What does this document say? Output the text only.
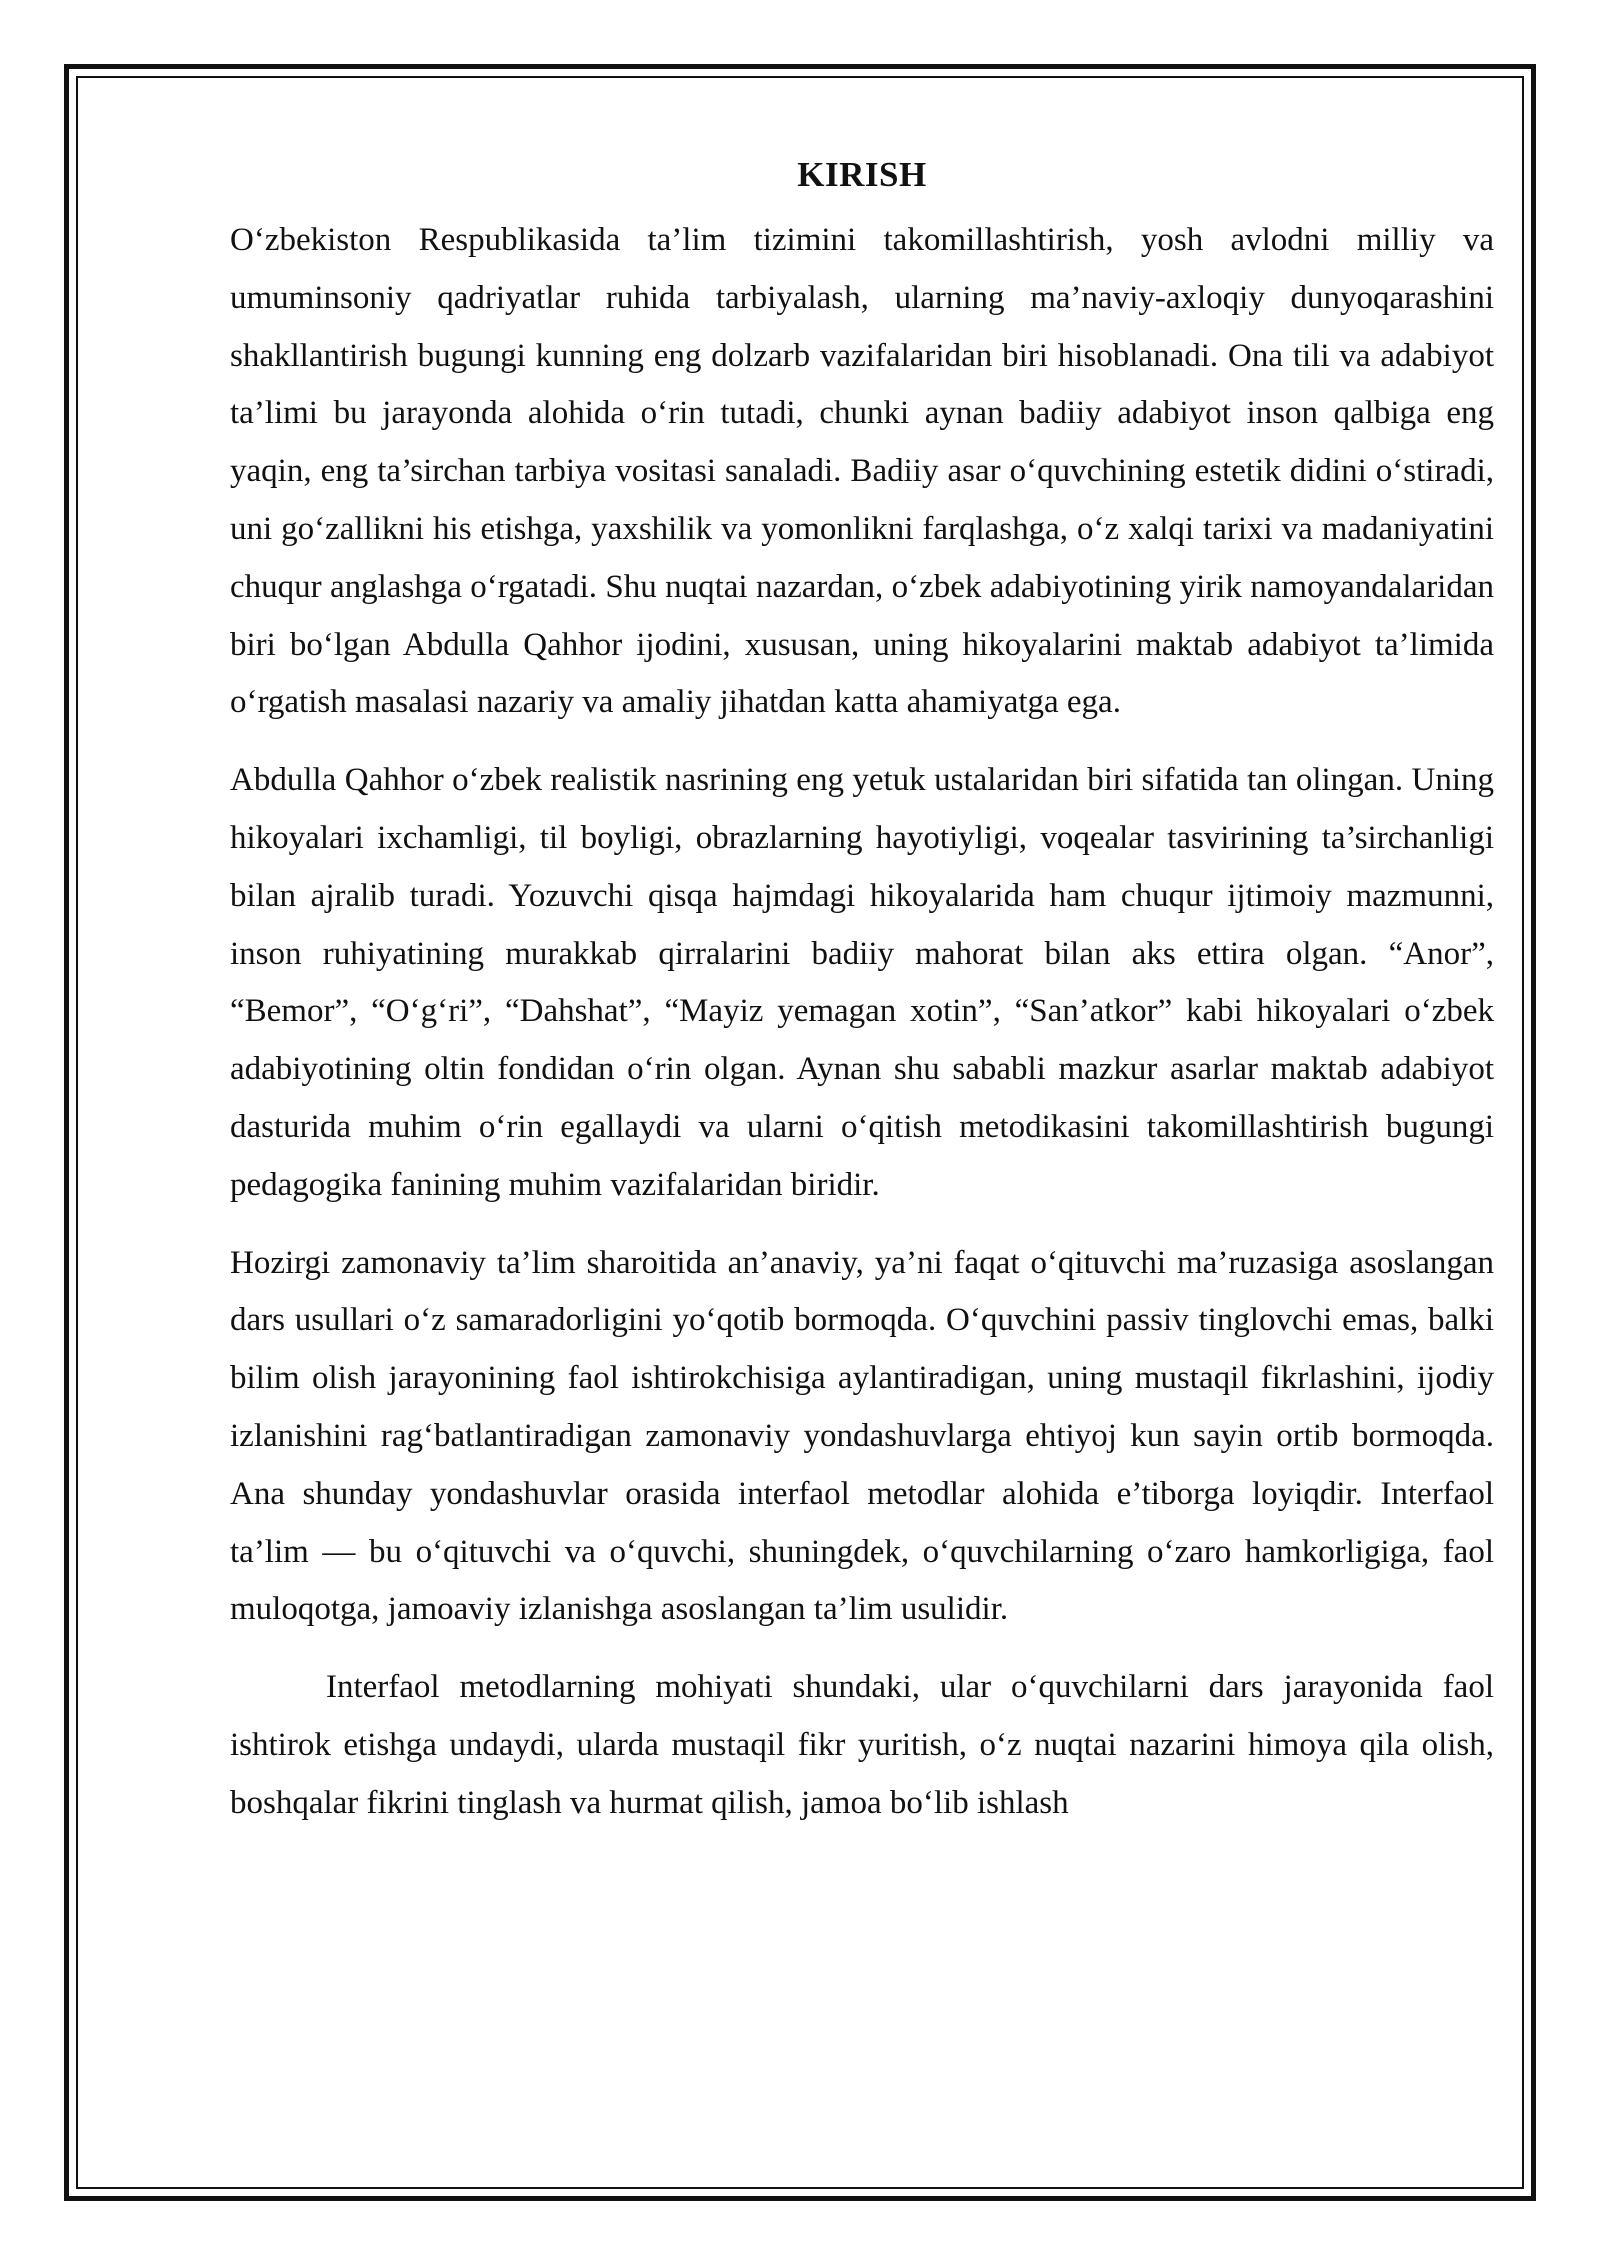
KIRISH

O‘zbekiston Respublikasida ta’lim tizimini takomillashtirish, yosh avlodni milliy va umuminsoniy qadriyatlar ruhida tarbiyalash, ularning ma’naviy-axloqiy dunyoqarashini shakllantirish bugungi kunning eng dolzarb vazifalaridan biri hisoblanadi. Ona tili va adabiyot ta’limi bu jarayonda alohida o‘rin tutadi, chunki aynan badiiy adabiyot inson qalbiga eng yaqin, eng ta’sirchan tarbiya vositasi sanaladi. Badiiy asar o‘quvchining estetik didini o‘stiradi, uni go‘zallikni his etishga, yaxshilik va yomonlikni farqlashga, o‘z xalqi tarixi va madaniyatini chuqur anglashga o‘rgatadi. Shu nuqtai nazardan, o‘zbek adabiyotining yirik namoyandalaridan biri bo‘lgan Abdulla Qahhor ijodini, xususan, uning hikoyalarini maktab adabiyot ta’limida o‘rgatish masalasi nazariy va amaliy jihatdan katta ahamiyatga ega.

Abdulla Qahhor o‘zbek realistik nasrining eng yetuk ustalaridan biri sifatida tan olingan. Uning hikoyalari ixchamligi, til boyligi, obrazlarning hayotiyligi, voqealar tasvirining ta’sirchanligi bilan ajralib turadi. Yozuvchi qisqa hajmdagi hikoyalarida ham chuqur ijtimoiy mazmunni, inson ruhiyatining murakkab qirralarini badiiy mahorat bilan aks ettira olgan. “Anor”, “Bemor”, “O‘g‘ri”, “Dahshat”, “Mayiz yemagan xotin”, “San’atkor” kabi hikoyalari o‘zbek adabiyotining oltin fondidan o‘rin olgan. Aynan shu sababli mazkur asarlar maktab adabiyot dasturida muhim o‘rin egallaydi va ularni o‘qitish metodikasini takomillashtirish bugungi pedagogika fanining muhim vazifalaridan biridir.

Hozirgi zamonaviy ta’lim sharoitida an’anaviy, ya’ni faqat o‘qituvchi ma’ruzasiga asoslangan dars usullari o‘z samaradorligini yo‘qotib bormoqda. O‘quvchini passiv tinglovchi emas, balki bilim olish jarayonining faol ishtirokchisiga aylantiradigan, uning mustaqil fikrlashini, ijodiy izlanishini rag‘batlantiradigan zamonaviy yondashuvlarga ehtiyoj kun sayin ortib bormoqda. Ana shunday yondashuvlar orasida interfaol metodlar alohida e’tiborga loyiqdir. Interfaol ta’lim — bu o‘qituvchi va o‘quvchi, shuningdek, o‘quvchilarning o‘zaro hamkorligiga, faol muloqotga, jamoaviy izlanishga asoslangan ta’lim usulidir.

Interfaol metodlarning mohiyati shundaki, ular o‘quvchilarni dars jarayonida faol ishtirok etishga undaydi, ularda mustaqil fikr yuritish, o‘z nuqtai nazarini himoya qila olish, boshqalar fikrini tinglash va hurmat qilish, jamoa bo‘lib ishlash
